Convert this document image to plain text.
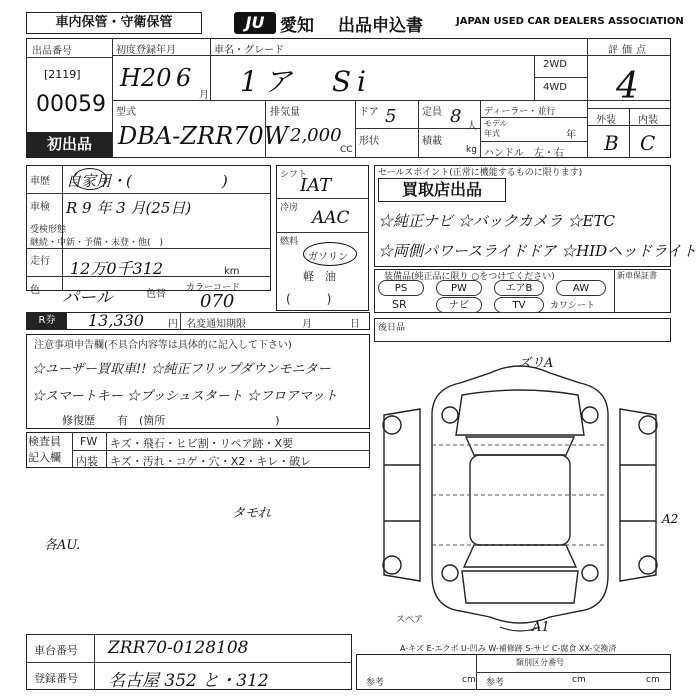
車内保管・守衛保管	JU 愛知 出品申込書	JAPAN USED CAR DEALERS ASSOCIATION
出品番号
[2119]
00059
初出品
初度登録年月
H20 6
月
車名・グレード
1ア　Si
2WD
4WD
評価点
4
外装 内装
B C
型式
DBA-ZRR70W
排気量
2,000
CC
ドア 5
形状
定員 8 人
積載
kg
ディーラー・並行
モデル
年式	年
ハンドル　左・右
車歴 自家用・(　　　　　　)
車検 R 9 年 3 月(25日)
受検形態
継続・中新・予備・未登・他(　)
走行 12万0千312	km
色 パール	色替
カラーコード
070
シフト
IAT
冷房 AAC
燃料
ガソリン
軽　油
(　　　)
R券	13,330 円 名変通知期限	月	日
セールスポイント(正常に機能するものに限ります)
買取店出品
☆純正ナビ ☆バックカメラ ☆ETC
☆両側パワースライドドア ☆HIDヘッドライト
装備品(純正品に限り ○をつけてください)	新車保証書
PS	PW	エアB	AW
SR	ナビ	TV	カワシート
注意事項申告欄(不具合内容等は具体的に記入して下さい)
☆ユーザー買取車!! ☆純正フリップダウンモニター
☆スマートキー ☆プッシュスタート ☆フロアマット
修復歴　　有　(箇所　　　　　　　　　　)
後日品
検査員
記入欄
FW キズ・飛石・ヒビ割・リペア跡・X要
内装 キズ・汚れ・コゲ・穴・X2・キレ・破レ
タモれ
各AU.
ズリA
A2
A1
スペア
A-キズ E-エクボ U-凹み W-補修跡 S-サビ C-腐食 XX-交換済
車台番号 ZRR70-0128108
登録番号 名古屋 352 と・312
類別区分番号
参考	参考
cm	cm	cm
